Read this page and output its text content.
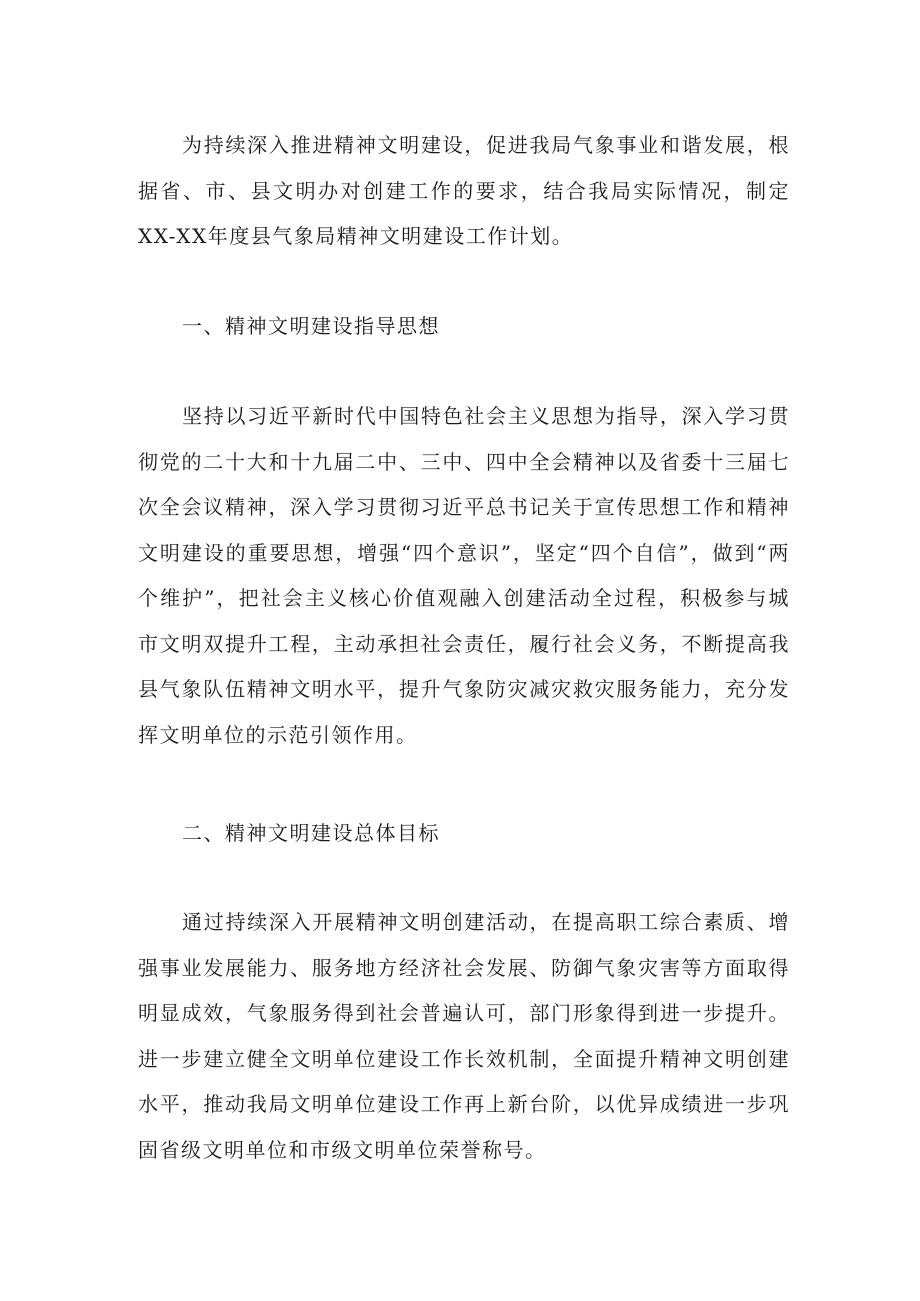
为持续深入推进精神文明建设，促进我局气象事业和谐发展，根据省、市、县文明办对创建工作的要求，结合我局实际情况，制定XX-XX年度县气象局精神文明建设工作计划。

一、精神文明建设指导思想

坚持以习近平新时代中国特色社会主义思想为指导，深入学习贯彻党的二十大和十九届二中、三中、四中全会精神以及省委十三届七次全会议精神，深入学习贯彻习近平总书记关于宣传思想工作和精神文明建设的重要思想，增强“四个意识”，坚定“四个自信”，做到“两个维护”，把社会主义核心价值观融入创建活动全过程，积极参与城市文明双提升工程，主动承担社会责任，履行社会义务，不断提高我县气象队伍精神文明水平，提升气象防灾减灾救灾服务能力，充分发挥文明单位的示范引领作用。

二、精神文明建设总体目标

通过持续深入开展精神文明创建活动，在提高职工综合素质、增强事业发展能力、服务地方经济社会发展、防御气象灾害等方面取得明显成效，气象服务得到社会普遍认可，部门形象得到进一步提升。进一步建立健全文明单位建设工作长效机制，全面提升精神文明创建水平，推动我局文明单位建设工作再上新台阶，以优异成绩进一步巩固省级文明单位和市级文明单位荣誉称号。
